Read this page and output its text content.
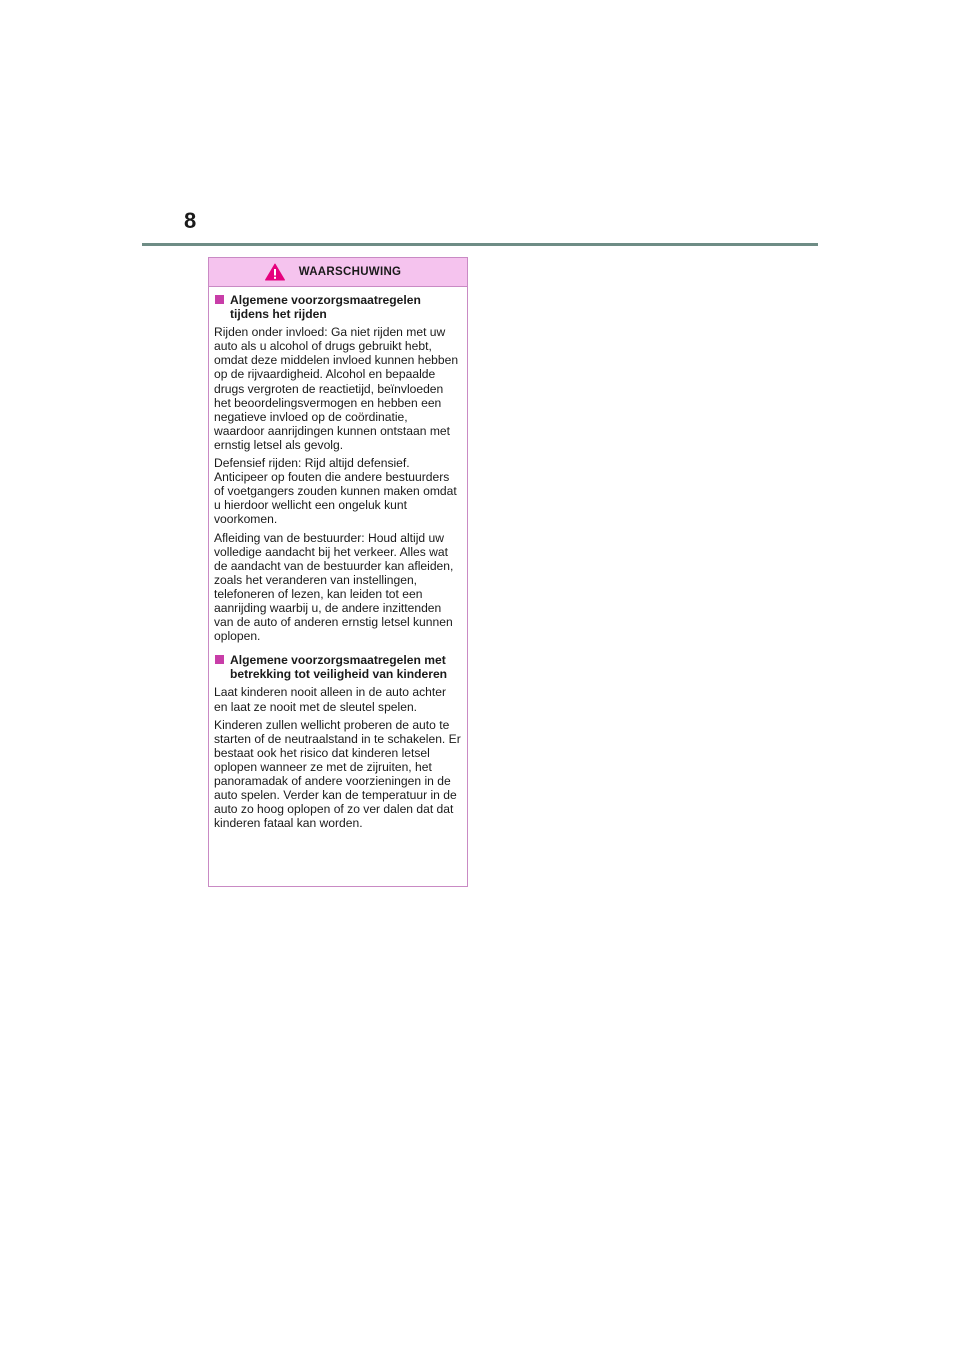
8
WAARSCHUWING
Algemene voorzorgsmaatregelen tijdens het rijden

Rijden onder invloed: Ga niet rijden met uw auto als u alcohol of drugs gebruikt hebt, omdat deze middelen invloed kunnen hebben op de rijvaardigheid. Alcohol en bepaalde drugs vergroten de reactietijd, beïnvloeden het beoordelingsvermogen en hebben een negatieve invloed op de coördinatie, waardoor aanrijdingen kunnen ontstaan met ernstig letsel als gevolg.

Defensief rijden: Rijd altijd defensief. Anticipeer op fouten die andere bestuurders of voetgangers zouden kunnen maken omdat u hierdoor wellicht een ongeluk kunt voorkomen.

Afleiding van de bestuurder: Houd altijd uw volledige aandacht bij het verkeer. Alles wat de aandacht van de bestuurder kan afleiden, zoals het veranderen van instellingen, telefoneren of lezen, kan leiden tot een aanrijding waarbij u, de andere inzittenden van de auto of anderen ernstig letsel kunnen oplopen.

Algemene voorzorgsmaatregelen met betrekking tot veiligheid van kinderen

Laat kinderen nooit alleen in de auto achter en laat ze nooit met de sleutel spelen.

Kinderen zullen wellicht proberen de auto te starten of de neutraalstand in te schakelen. Er bestaat ook het risico dat kinderen letsel oplopen wanneer ze met de zijruiten, het panoramadak of andere voorzieningen in de auto spelen. Verder kan de temperatuur in de auto zo hoog oplopen of zo ver dalen dat dat kinderen fataal kan worden.
